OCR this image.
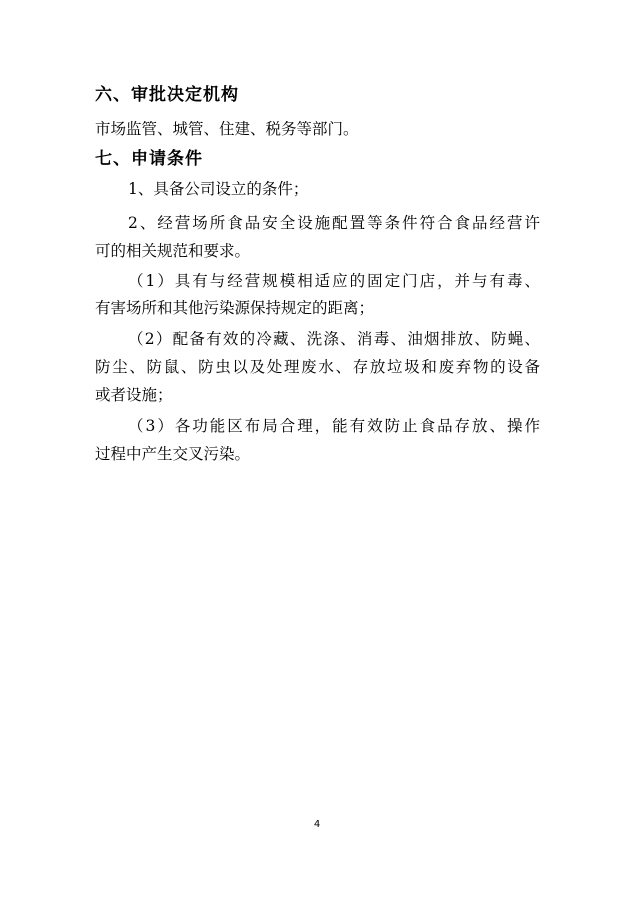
六、审批决定机构
市场监管、城管、住建、税务等部门。
七、申请条件
1、具备公司设立的条件；
2、经营场所食品安全设施配置等条件符合食品经营许
可的相关规范和要求。
（1）具有与经营规模相适应的固定门店，并与有毒、
有害场所和其他污染源保持规定的距离；
（2）配备有效的冷藏、洗涤、消毒、油烟排放、防蝇、
防尘、防鼠、防虫以及处理废水、存放垃圾和废弃物的设备
或者设施；
（3）各功能区布局合理，能有效防止食品存放、操作
过程中产生交叉污染。
4
